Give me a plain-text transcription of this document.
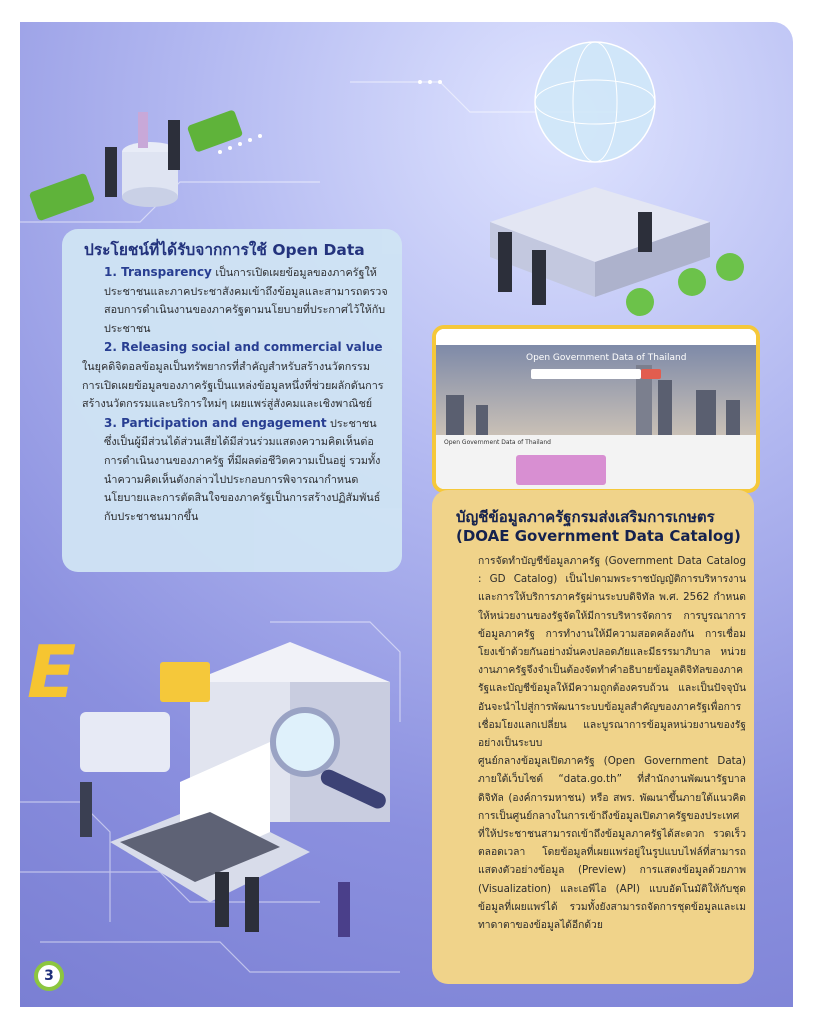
E
ประโยชน์ที่ได้รับจากการใช้ Open Data

1. Transparency เป็นการเปิดเผยข้อมูลของภาครัฐให้ประชาชนและภาคประชาสังคมเข้าถึงข้อมูลและสามารถตรวจสอบการดำเนินงานของภาครัฐตามนโยบายที่ประกาศไว้ให้กับประชาชน

2. Releasing social and commercial value

ในยุคดิจิตอลข้อมูลเป็นทรัพยากรที่สำคัญสำหรับสร้างนวัตกรรม การเปิดเผยข้อมูลของภาครัฐเป็นแหล่งข้อมูลหนึ่งที่ช่วยผลักดันการสร้างนวัตกรรมและบริการใหม่ๆ เผยแพร่สู่สังคมและเชิงพาณิชย์

3. Participation and engagement ประชาชนซึ่งเป็นผู้มีส่วนได้ส่วนเสียได้มีส่วนร่วมแสดงความคิดเห็นต่อการดำเนินงานของภาครัฐ ที่มีผลต่อชีวิตความเป็นอยู่ รวมทั้งนำความคิดเห็นดังกล่าวไปประกอบการพิจารณากำหนดนโยบายและการตัดสินใจของภาครัฐเป็นการสร้างปฏิสัมพันธ์กับประชาชนมากขึ้น

Open Government Data of Thailand
Open Government Data of Thailand
บัญชีข้อมูลภาครัฐกรมส่งเสริมการเกษตร
(DOAE Government Data Catalog)

การจัดทำบัญชีข้อมูลภาครัฐ (Government Data Catalog : GD Catalog) เป็นไปตามพระราชบัญญัติการบริหารงานและการให้บริการภาครัฐผ่านระบบดิจิทัล พ.ศ. 2562 กำหนดให้หน่วยงานของรัฐจัดให้มีการบริหารจัดการ การบูรณาการข้อมูลภาครัฐ การทำงานให้มีความสอดคล้องกัน การเชื่อมโยงเข้าด้วยกันอย่างมั่นคงปลอดภัยและมีธรรมาภิบาล หน่วยงานภาครัฐจึงจำเป็นต้องจัดทำคำอธิบายข้อมูลดิจิทัลของภาครัฐและบัญชีข้อมูลให้มีความถูกต้องครบถ้วน และเป็นปัจจุบันอันจะนำไปสู่การพัฒนาระบบข้อมูลสำคัญของภาครัฐเพื่อการเชื่อมโยงแลกเปลี่ยน และบูรณาการข้อมูลหน่วยงานของรัฐอย่างเป็นระบบ

ศูนย์กลางข้อมูลเปิดภาครัฐ (Open Government Data) ภายใต้เว็บไซต์ “data.go.th” ที่สำนักงานพัฒนารัฐบาลดิจิทัล (องค์การมหาชน) หรือ สพร. พัฒนาขึ้นภายใต้แนวคิดการเป็นศูนย์กลางในการเข้าถึงข้อมูลเปิดภาครัฐของประเทศที่ให้ประชาชนสามารถเข้าถึงข้อมูลภาครัฐได้สะดวก รวดเร็วตลอดเวลา โดยข้อมูลที่เผยแพร่อยู่ในรูปแบบไฟล์ที่สามารถแสดงตัวอย่างข้อมูล (Preview) การแสดงข้อมูลด้วยภาพ (Visualization) และเอพีไอ (API) แบบอัตโนมัติให้กับชุดข้อมูลที่เผยแพร่ได้ รวมทั้งยังสามารถจัดการชุดข้อมูลและเมทาดาตาของข้อมูลได้อีกด้วย

3
